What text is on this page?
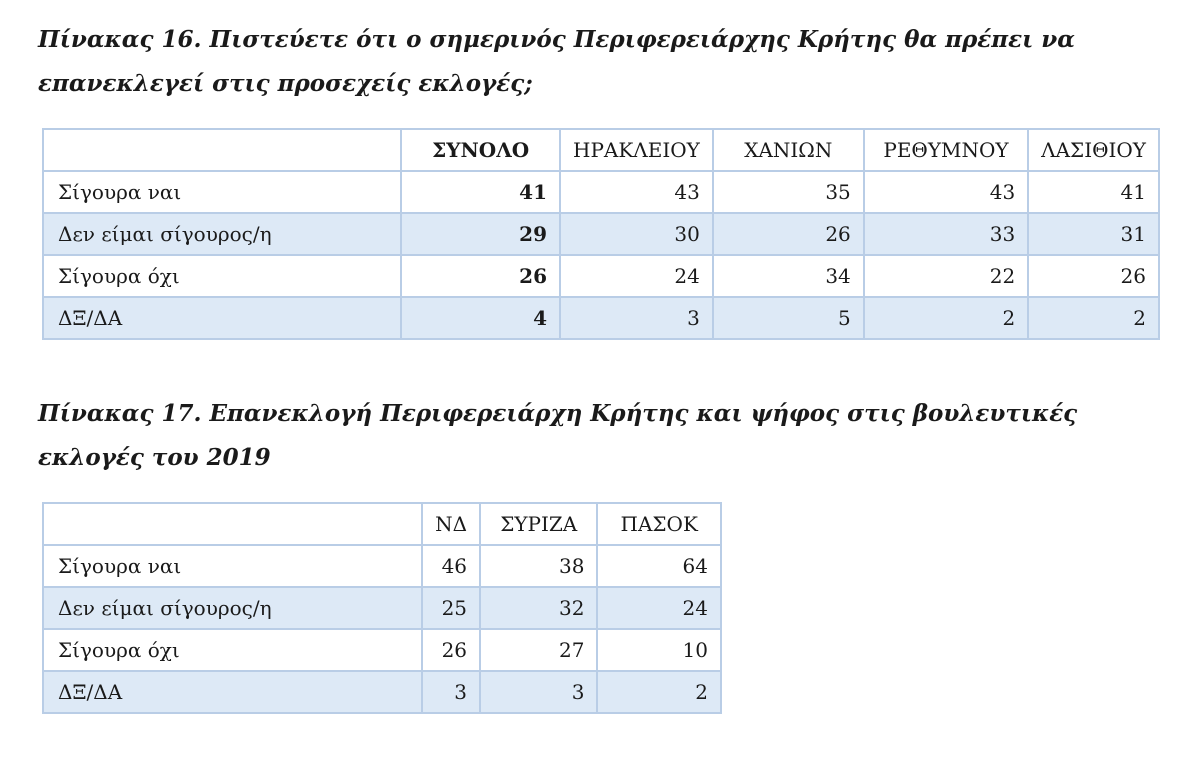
Πίνακας 16. Πιστεύετε ότι ο σημερινός Περιφερειάρχης Κρήτης θα πρέπει να επανεκλεγεί στις προσεχείς εκλογές;

	ΣΥΝΟΛΟ	ΗΡΑΚΛΕΙΟΥ	ΧΑΝΙΩΝ	ΡΕΘΥΜΝΟΥ	ΛΑΣΙΘΙΟΥ
Σίγουρα ναι	41	43	35	43	41
Δεν είμαι σίγουρος/η	29	30	26	33	31
Σίγουρα όχι	26	24	34	22	26
ΔΞ/ΔΑ	4	3	5	2	2

Πίνακας 17. Επανεκλογή Περιφερειάρχη Κρήτης και ψήφος στις βουλευτικές εκλογές του 2019

	ΝΔ	ΣΥΡΙΖΑ	ΠΑΣΟΚ
Σίγουρα ναι	46	38	64
Δεν είμαι σίγουρος/η	25	32	24
Σίγουρα όχι	26	27	10
ΔΞ/ΔΑ	3	3	2
